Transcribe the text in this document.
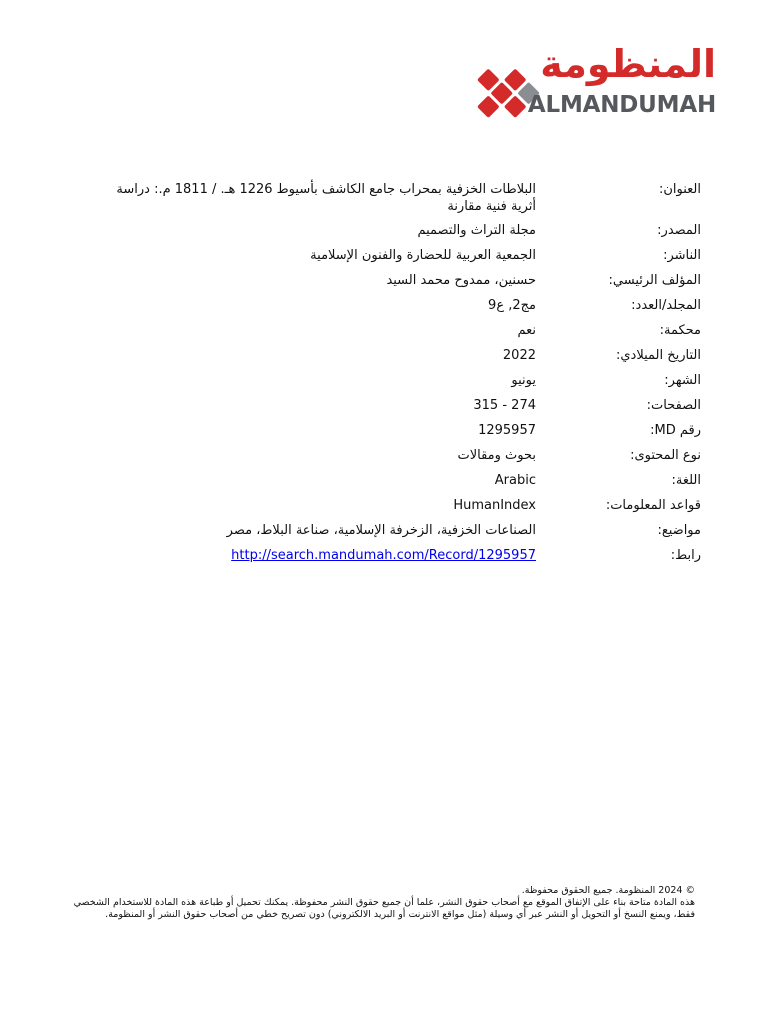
المنظومة
ALMANDUMAH
العنوان:
البلاطات الخزفية بمحراب جامع الكاشف بأسيوط 1226 هـ. / 1811 م.: دراسة أثرية فنية مقارنة
المصدر:
مجلة التراث والتصميم
الناشر:
الجمعية العربية للحضارة والفنون الإسلامية
المؤلف الرئيسي:
حسنين، ممدوح محمد السيد
المجلد/العدد:
مج2, ع9
محكمة:
نعم
التاريخ الميلادي:
2022
الشهر:
يونيو
الصفحات:
274 - 315
رقم MD:
1295957
نوع المحتوى:
بحوث ومقالات
اللغة:
Arabic
قواعد المعلومات:
HumanIndex
مواضيع:
الصناعات الخزفية، الزخرفة الإسلامية، صناعة البلاط، مصر
رابط:
http://search.mandumah.com/Record/1295957
© 2024 المنظومة. جميع الحقوق محفوظة.
هذه المادة متاحة بناء على الإتفاق الموقع مع أصحاب حقوق النشر، علما أن جميع حقوق النشر محفوظة. يمكنك تحميل أو طباعة هذه المادة للاستخدام الشخصي فقط، ويمنع النسخ أو التحويل أو النشر عبر أي وسيلة (مثل مواقع الانترنت أو البريد الالكتروني) دون تصريح خطي من أصحاب حقوق النشر أو المنظومة.
